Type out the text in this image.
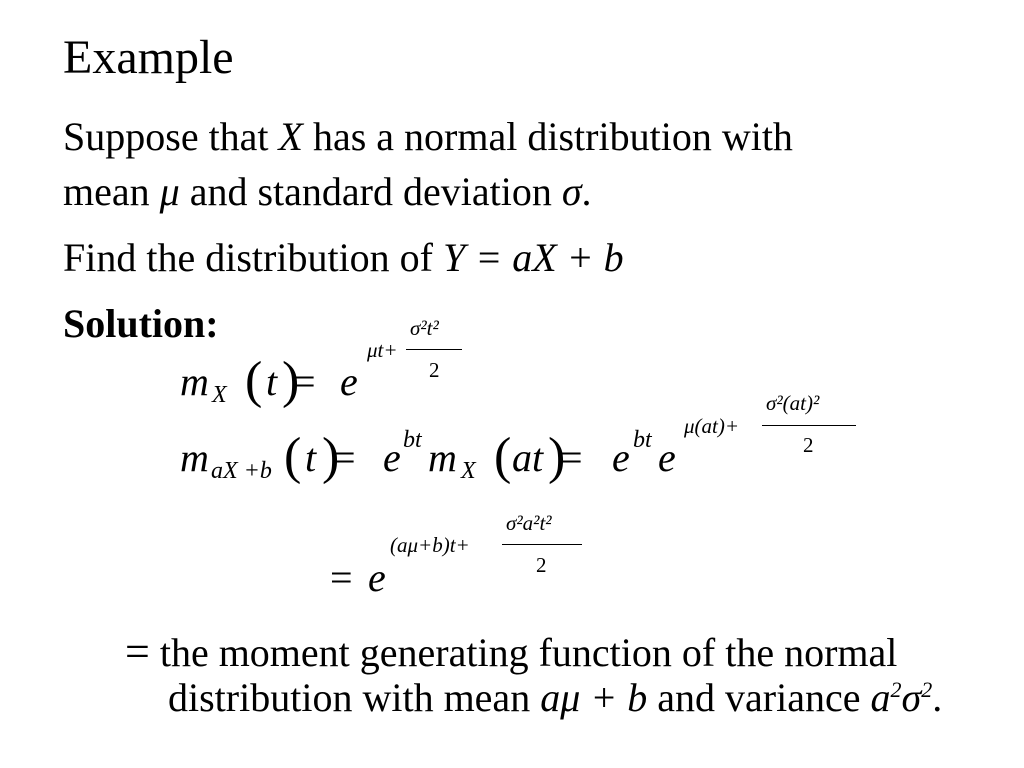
Example
Suppose that X has a normal distribution with
mean μ and standard deviation σ.
Find the distribution of Y = aX + b
Solution:
m X ( t )
= e
μt+
σ²t²
2
m aX +b ( t )
= e bt m X ( at )
= e bt e
μ(at)+
σ²(at)²
2
= e
(aμ+b)t+
σ²a²t²
2
= the moment generating function of the normal
distribution with mean aμ + b and variance $a^2\sigma^2$.
